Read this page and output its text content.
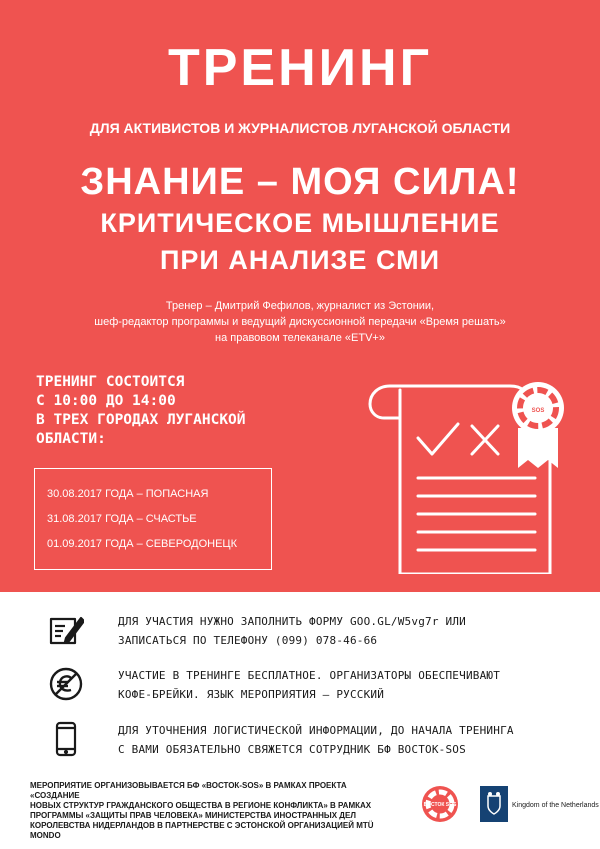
ТРЕНИНГ
ДЛЯ АКТИВИСТОВ И ЖУРНАЛИСТОВ ЛУГАНСКОЙ ОБЛАСТИ
ЗНАНИЕ – МОЯ СИЛА!
КРИТИЧЕСКОЕ МЫШЛЕНИЕ
ПРИ АНАЛИЗЕ СМИ
Тренер – Дмитрий Фефилов, журналист из Эстонии,
шеф-редактор программы и ведущий дискуссионной передачи «Время решать»
на правовом телеканале «ETV+»
ТРЕНИНГ СОСТОИТСЯ
С 10:00 ДО 14:00
В ТРЕХ ГОРОДАХ ЛУГАНСКОЙ
ОБЛАСТИ:
30.08.2017 ГОДА – ПОПАСНАЯ
31.08.2017 ГОДА – СЧАСТЬЕ
01.09.2017 ГОДА – СЕВЕРОДОНЕЦК
SOS
ДЛЯ УЧАСТИЯ НУЖНО ЗАПОЛНИТЬ ФОРМУ GOO.GL/W5vg7r ИЛИ
ЗАПИСАТЬСЯ ПО ТЕЛЕФОНУ (099) 078-46-66
УЧАСТИЕ В ТРЕНИНГЕ БЕСПЛАТНОЕ. ОРГАНИЗАТОРЫ ОБЕСПЕЧИВАЮТ
КОФЕ-БРЕЙКИ. ЯЗЫК МЕРОПРИЯТИЯ – РУССКИЙ
ДЛЯ УТОЧНЕНИЯ ЛОГИСТИЧЕСКОЙ ИНФОРМАЦИИ, ДО НАЧАЛА ТРЕНИНГА
С ВАМИ ОБЯЗАТЕЛЬНО СВЯЖЕТСЯ СОТРУДНИК БФ ВОСТОК-SOS
МЕРОПРИЯТИЕ ОРГАНИЗОВЫВАЕТСЯ БФ «ВОСТОК-SOS» В РАМКАХ ПРОЕКТА «СОЗДАНИЕ
НОВЫХ СТРУКТУР ГРАЖДАНСКОГО ОБЩЕСТВА В РЕГИОНЕ КОНФЛИКТА» В РАМКАХ
ПРОГРАММЫ «ЗАЩИТЫ ПРАВ ЧЕЛОВЕКА» МИНИСТЕРСТВА ИНОСТРАННЫХ ДЕЛ
КОРОЛЕВСТВА НИДЕРЛАНДОВ В ПАРТНЕРСТВЕ С ЭСТОНСКОЙ ОРГАНИЗАЦИЕЙ MTÜ MONDO
ВОСТОК SOS	Kingdom of the Netherlands
